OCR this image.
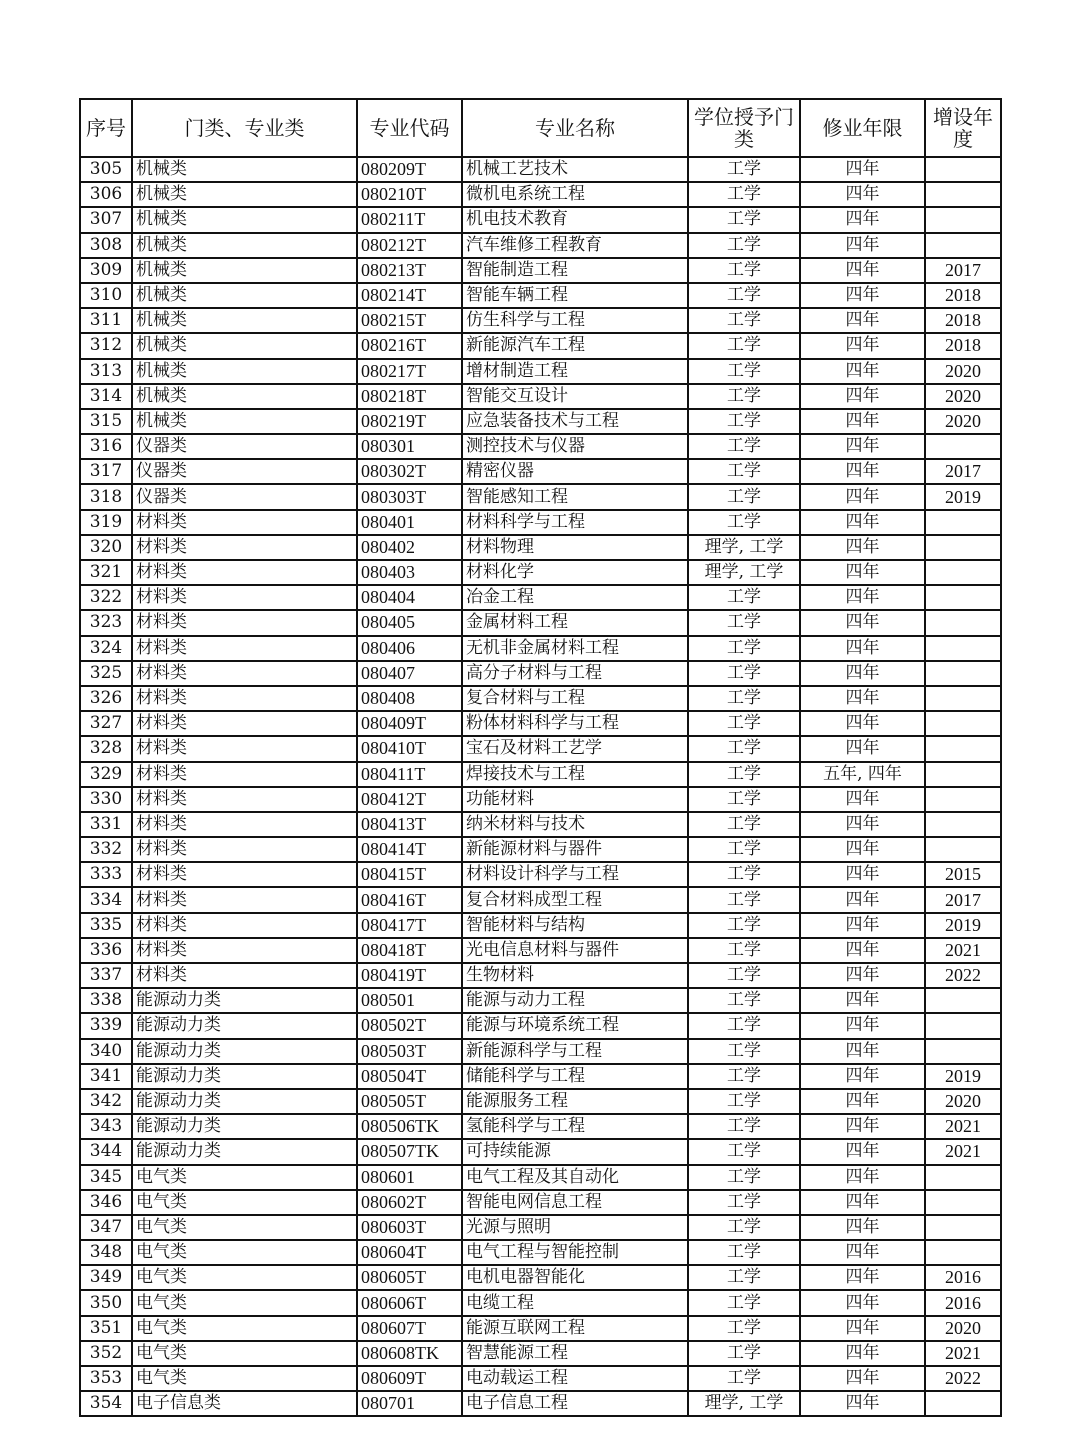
序号	门类、专业类	专业代码	专业名称	学位授予门类	修业年限	增设年度
305	机械类	080209T	机械工艺技术	工学	四年	
306	机械类	080210T	微机电系统工程	工学	四年	
307	机械类	080211T	机电技术教育	工学	四年	
308	机械类	080212T	汽车维修工程教育	工学	四年	
309	机械类	080213T	智能制造工程	工学	四年	2017
310	机械类	080214T	智能车辆工程	工学	四年	2018
311	机械类	080215T	仿生科学与工程	工学	四年	2018
312	机械类	080216T	新能源汽车工程	工学	四年	2018
313	机械类	080217T	增材制造工程	工学	四年	2020
314	机械类	080218T	智能交互设计	工学	四年	2020
315	机械类	080219T	应急装备技术与工程	工学	四年	2020
316	仪器类	080301	测控技术与仪器	工学	四年	
317	仪器类	080302T	精密仪器	工学	四年	2017
318	仪器类	080303T	智能感知工程	工学	四年	2019
319	材料类	080401	材料科学与工程	工学	四年	
320	材料类	080402	材料物理	理学, 工学	四年	
321	材料类	080403	材料化学	理学, 工学	四年	
322	材料类	080404	冶金工程	工学	四年	
323	材料类	080405	金属材料工程	工学	四年	
324	材料类	080406	无机非金属材料工程	工学	四年	
325	材料类	080407	高分子材料与工程	工学	四年	
326	材料类	080408	复合材料与工程	工学	四年	
327	材料类	080409T	粉体材料科学与工程	工学	四年	
328	材料类	080410T	宝石及材料工艺学	工学	四年	
329	材料类	080411T	焊接技术与工程	工学	五年, 四年	
330	材料类	080412T	功能材料	工学	四年	
331	材料类	080413T	纳米材料与技术	工学	四年	
332	材料类	080414T	新能源材料与器件	工学	四年	
333	材料类	080415T	材料设计科学与工程	工学	四年	2015
334	材料类	080416T	复合材料成型工程	工学	四年	2017
335	材料类	080417T	智能材料与结构	工学	四年	2019
336	材料类	080418T	光电信息材料与器件	工学	四年	2021
337	材料类	080419T	生物材料	工学	四年	2022
338	能源动力类	080501	能源与动力工程	工学	四年	
339	能源动力类	080502T	能源与环境系统工程	工学	四年	
340	能源动力类	080503T	新能源科学与工程	工学	四年	
341	能源动力类	080504T	储能科学与工程	工学	四年	2019
342	能源动力类	080505T	能源服务工程	工学	四年	2020
343	能源动力类	080506TK	氢能科学与工程	工学	四年	2021
344	能源动力类	080507TK	可持续能源	工学	四年	2021
345	电气类	080601	电气工程及其自动化	工学	四年	
346	电气类	080602T	智能电网信息工程	工学	四年	
347	电气类	080603T	光源与照明	工学	四年	
348	电气类	080604T	电气工程与智能控制	工学	四年	
349	电气类	080605T	电机电器智能化	工学	四年	2016
350	电气类	080606T	电缆工程	工学	四年	2016
351	电气类	080607T	能源互联网工程	工学	四年	2020
352	电气类	080608TK	智慧能源工程	工学	四年	2021
353	电气类	080609T	电动载运工程	工学	四年	2022
354	电子信息类	080701	电子信息工程	理学, 工学	四年	
